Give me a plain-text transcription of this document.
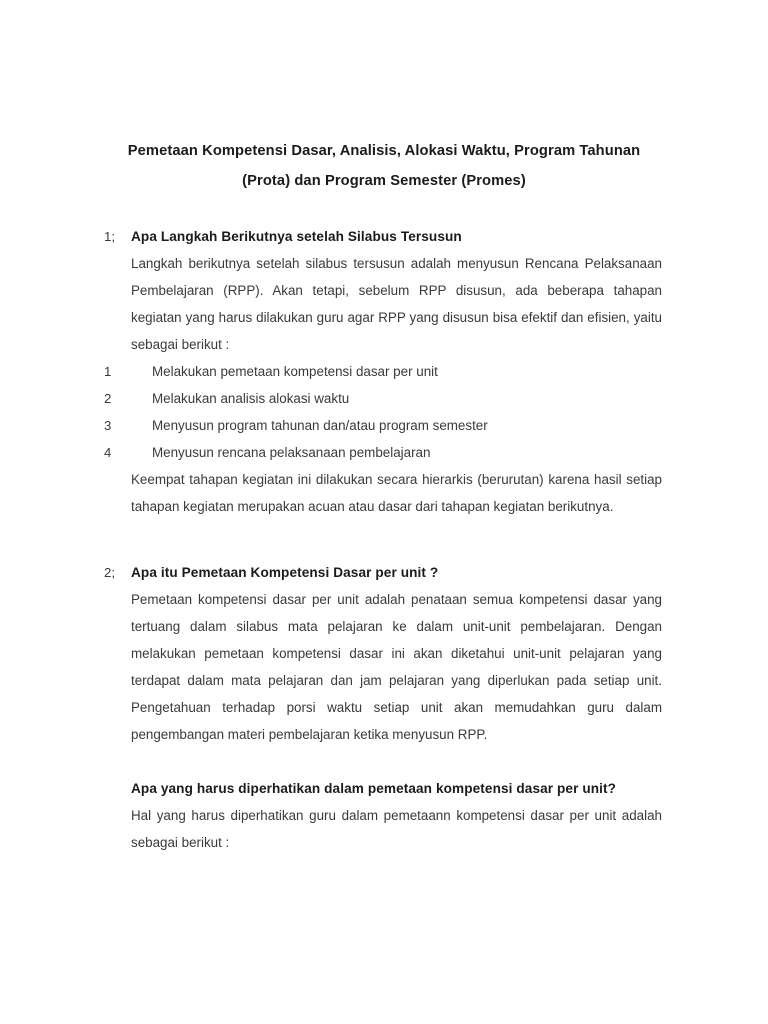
Pemetaan Kompetensi Dasar, Analisis, Alokasi Waktu, Program Tahunan
(Prota) dan Program Semester (Promes)
1; Apa Langkah Berikutnya setelah Silabus Tersusun

Langkah berikutnya setelah silabus tersusun adalah menyusun Rencana Pelaksanaan Pembelajaran (RPP). Akan tetapi, sebelum RPP disusun, ada beberapa tahapan kegiatan yang harus dilakukan guru agar RPP yang disusun bisa efektif dan efisien, yaitu sebagai berikut :

1	Melakukan pemetaan kompetensi dasar per unit
2	Melakukan analisis alokasi waktu
3	Menyusun program tahunan dan/atau program semester
4	Menyusun rencana pelaksanaan pembelajaran

Keempat tahapan kegiatan ini dilakukan secara hierarkis (berurutan) karena hasil setiap tahapan kegiatan merupakan acuan atau dasar dari tahapan kegiatan berikutnya.

2; Apa itu Pemetaan Kompetensi Dasar per unit ?

Pemetaan kompetensi dasar per unit adalah penataan semua kompetensi dasar yang tertuang dalam silabus mata pelajaran ke dalam unit-unit pembelajaran. Dengan melakukan pemetaan kompetensi dasar ini akan diketahui unit-unit pelajaran yang terdapat dalam mata pelajaran dan jam pelajaran yang diperlukan pada setiap unit. Pengetahuan terhadap porsi waktu setiap unit akan memudahkan guru dalam pengembangan materi pembelajaran ketika menyusun RPP.

Apa yang harus diperhatikan dalam pemetaan kompetensi dasar per unit?

Hal yang harus diperhatikan guru dalam pemetaann kompetensi dasar per unit adalah sebagai berikut :
